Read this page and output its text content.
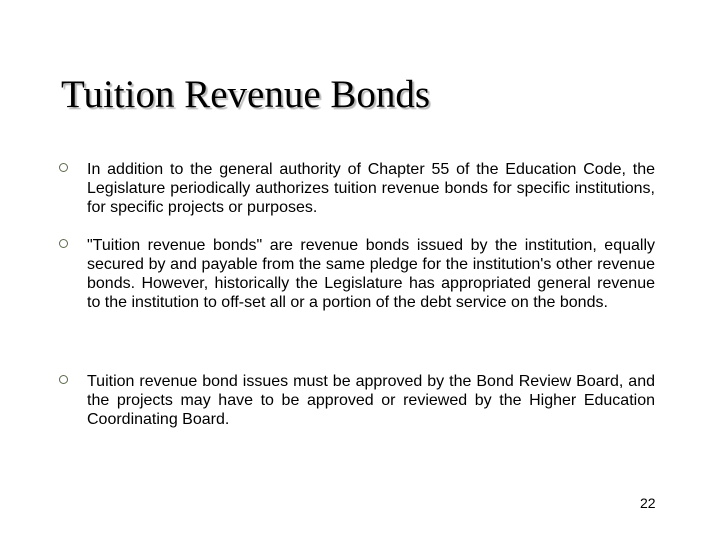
Tuition Revenue Bonds
In addition to the general authority of Chapter 55 of the Education Code, the Legislature periodically authorizes tuition revenue bonds for specific institutions, for specific projects or purposes.
"Tuition revenue bonds" are revenue bonds issued by the institution, equally secured by and payable from the same pledge for the institution's other revenue bonds. However, historically the Legislature has appropriated general revenue to the institution to off-set all or a portion of the debt service on the bonds.
Tuition revenue bond issues must be approved by the Bond Review Board, and the projects may have to be approved or reviewed by the Higher Education Coordinating Board.
22
